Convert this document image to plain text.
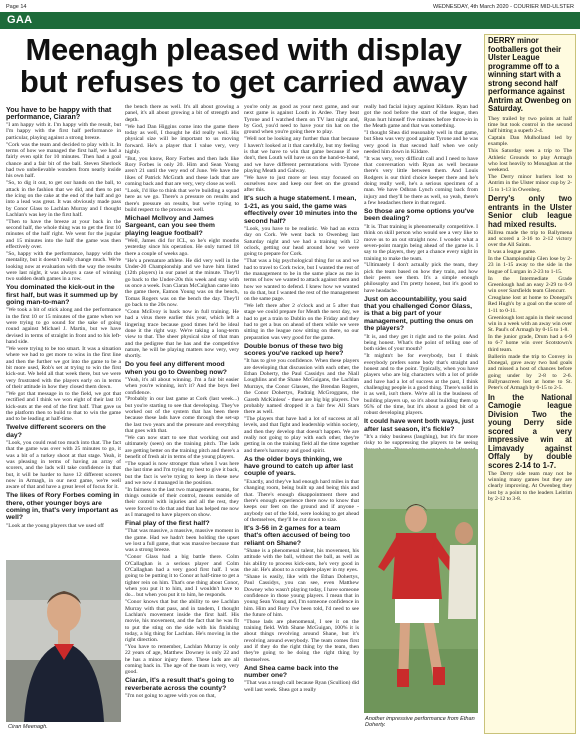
Page 14	WEDNESDAY, 4th March 2020 - COURIER MID-ULSTER
GAA
Meenagh pleased with display but refuses to get carried away

You have to be happy with that performance, Ciaran?

"I am happy with it. I'm happy with the result, but I'm happy with the first half performance in particular, playing against a strong breeze.

"Cork was the team and decided to play with it. In terms of how we managed the first half, we had a fairly even split for 10 minutes. Then had a goal chance and a fair bit of the ball. Steven Sherlock had two unbelievable wonders from nearly inside his own half.

"So, to dig it out, to get our hands on the ball, to attack in the fashion that we did, and then to put the icing on the cake at the end of the half and go into a lead was great. It was obviously made pass by Conor Glass to Lachlan Murray and I thought Lachlan's was key in the first half.

"Then to have the breeze at your back in the second half, the whole thing was to get the first 10 minutes of the half right. We went for the jugular and 15 minutes into the half the game was then effectively over.

"So, happy with the performance, happy with the mentality, but it doesn't really change much. We're looking now at evaluation with the way the results were last night, it was always a case of winning two sudden death games in a row.

You dominated the kick-out in the first half, but was it summed up by going man-to-man?

"We took a bit of stick along and the performance in the first 10 or 15 minutes of the game when we were trying to go sound for the sake of going round against Michael J. Martin, but we have devised in terms of straight in front and to his left-hand side.

"We were trying to be too smart. It was a situation where we had to get more to wins in the first line and then the further we got into the game to be a bit more used, Rob's set at trying to win the first kick-out. We held all that week there, but we were very frustrated with the players early on in terms of their attitude in how they closed them down.

"We got that message in to the field, we got that rectified and I think we won eight of their last 10 kick-outs at the end of the first half. That gave us the platform then to build to that to win the game and to be leading at half-time.

Twelve different scorers on the day?

"Look, you could read too much into that. The fact that the game was over with 25 minutes to go, it was a bit of a turkey shoot at that stage. Yeah, it was pleasing in terms of having an array of scorers, and the lads will take confidence in that but, it will be harder to have 12 different scorers now in Armagh, in our next game, we're well aware of that and have a great level of focus for it.

The likes of Rory Forbes coming in there, other younger boys are coming in, that's very important as well?

"Look at the young players that we used off

Ciran Meenagh.

the bench there as well. It's all about growing a panel, it's all about growing a bit of strength and depth.

"We had Dan Higgins come into the game there today as well, I thought he did really well. His physical size will be important to us moving forward. He's a player that I value very, very highly.

"But, you know, Rory Forbes and then lads like Rory Forbes is only 20. Him and Sean Young aren't 21 until the very end of June. We have the likes of Patrick McGrath and these lads that are coming back and that are very, very close as well.

"Look, I'd like to think that we're building a squad here as we go. There's a pressure on results and there's pressure on results, but we're trying to build respect to the process as well.

Michael McIlvoy and James Sargeant, can you see them playing league football?

"Well, James did for ICL, so he's eight months yesterday since his operation. He only turned 18 there a couple of weeks ago.

"He's a premature athlete. He did very well in the Under-20 Championship and we have him listed (12th players) in our panel at the minute. They'll go back to the Under-20s this week and stay with us once a week. Ivan Ciaran McCaighan came into the game there, Eamon Young was on the bench, Tomas Rogers was on the bench the day. They'll go back to the 20s now.

"Conn McEvoy is back now in full training. He had a virus there earlier this year, which left a lingering trace because good times he'd be ideal done it the right way. We're taking a long-term view to that. The sheer physical size of that man and the pedigree that he has and the competitive nature, he will be playing matters now very, very shortly.

Do you feel any different mood when you go to Owenbeg now?

"Yeah, it's all about winning. I'm a fair bit easier when you're winning, isn't it? And the boys feel confidence.

"Probably in our last game at Cork (last week...) but you're starting to see that developing. They've worked out of the system that has been there because these lads have come through the set-up the last two years and the pressure and everything that goes with that.

"We can now start to see that working out and ultimately (seen) on the training pitch. The lads are getting better on the training pitch and there's a benefit of fresh air in terms of the young players.

"The squad is now stronger than when I was here the last time and I'm trying my best to give it back, but the fact is we're trying to keep in these new and we now 4 managed in the position.

"In fairness to the last two management teams, for things outside of their control, means outside of their control with injuries and all the rest, they were forced to do that and that has helped me now as I managed to have players on show.

Final play of the first half?

"That was massive, a massive, massive moment in the game. Had we hadn't been holding the upset we lost a full game, that was massive because that was a strong breeze.

"Conor Glass had a big battle there. Colm O'Callaghan is a serious player and Colm O'Callaghan had a very good first half. I was going to be putting it to Conor at half-time to get a tighter rein on him. That's one thing about Conor, when you put it to him, and I wouldn't have to do... but when you put it to him, he responds.

"Conor knows that but the ability to see Lachlan Murray with that pass, and in tandem, I thought Lachlan's movement inside the first half. His movie, his movement, and the fact that he was fit to put the sting on the side with his finishing today, a big thing for Lachlan. He's moving in the right direction.

"You have to remember, Lachlan Murray is only 22 years of age, Matthew Downey is only 22 and he has a minor injury there. These lads are all coming back in. The age of the team is very, very good.

Ciarán, it's a result that's going to reverberate across the county?

"I'm not going to agree with you on that,

you're only as good as your next game, and our next game is against Louth in Ardee. They beat Tyrone and I watched them on TV last night and, by God, you'd need to have your tin hat on the ground when you're going there to play.

"Well not be looking any further than that because I haven't looked at it that carefully, but my feeling is that we have to win that game because if we don't, then Louth will have us on the hand-to-hand, and we have different permutations with Tyrone playing Meath and Galway.

"We have to just more or less stay focused on ourselves now and keep our feet on the ground after this.

It's such a huge statement. I mean, 1-21, as you said, the game was effectively over 10 minutes into the second half?

"Look, you have to be realistic. We had an extra day on Cork. We went back to Owenbeg last Saturday night and we had a training with 12 oclock, getting our head around how we were going to prepare for Cork.

"That was a big psychological thing for us and we had to travel to Cork twice, but I wanted the rest of the management to be in the same place as me in terms of how we wanted to attack against them and how we wanted to defend. I knew how we wanted to do that, but I wanted the rest of the management on the same page.

"We left there after 2 o'clock and at 5 after that stage we could prepare for Meath the next day, we had to get a train to Dublin on the Friday and they had to get a bus on ahead of them while we were sitting in the league now sitting on there, so our preparation was very good for the game.

Double bonus of these two big scores you've racked up here?

"It has to give you confidence. When these players are developing that discussion with each other, the Ethan Doherty, the Paul Cassidys and the Niall Loughlins and the Shane McGuigans, the Lachlan Murrays, the Conor Glasses, the Brendan Rogers, the Conor Dohertys, Padraig McGroggans, the Gareth McKinless' - these are big big players. I've probably named dropped it a fair few All Stars there as well.

"The players that have had a lot of success at all levels, and that fight and leadership within society, and then they develop that doesn't happen. We are really not going to play with each other, they're getting in on the training field all the time together and there's harmony and good spirit.

As the older boys thinking, we have ground to catch up after last couple of years.

"Exactly, and they've had enough hard miles in that changing room, being built up and being this and that. There's enough disappointment there and there's enough experience there now to know that keeps our feet on the ground and if anyone - anybody out of the fold, were looking to get ahead of themselves, they'll be cut down to size.

It's 3-56 in 2 games for a team that's often accused of being too reliant on Shane?

"Shane is a phenomenal talent, his movement, his attitude with the ball, without the ball, as well as his ability to process kick-outs, he's very good in the air. He's about to a complete player in my eyes.

"Shane is easily, like with the Ethan Dohertys, Paul Cassidys, you can see, even Matthew Downey who wasn't playing today, I have someone confidence in those young players. I mean that in young Sean Young and, I'm someone confidence in him. Him and Rory I've been told, I'd need to see the future of him.

"Those lads are phenomenal, I see it on the training field. With Shane McGuigan, 100% it is about things revolving around Shane, but it's revolving around everybody. The team comes first and if they do the right thing by the team, then they're going to be doing the right thing by themselves.

And Shea came back into the number one?

"That was a tough call because Ryan (Scullion) did well last week. Shea got a really

really bad facial injury against Kildare. Ryan had got the nod before the start of the league, then Ryan hurt himself five minutes before throw-in in the Meath game and that was something.

"I thought Shea did reasonably well in that game, but Shea was very good against Tyrone and he was very good in that second half when we only needed him down in Kildare.

"It was very, very difficult call and I need to have that conversation with Ryan as well because there's very little between them. And Louis Rodgers is our third choice keeper there and he's doing really well, he's a serious specimen of a man. We have Odhran Lynch coming back from injury and they'll be there as well, so yeah, there's a few headaches there in that regard.

So those are some options you've been dealing?

"It is. That training is phenomenally competitive. I think on skill person who would see a very like to move us to an out straight now. I wonder what a seven-point margin being ahead of the game is. I say to the players, they get a chance every night in training to make the team.

"Ultimately I don't actually pick the team, they pick the team based on how they train, and how their peers see them. It's a simple enough philosophy and I'm pretty honest, but it's good to have headache.

Just on accountability, you said that you challenged Conor Glass, is that a big part of your management, putting the onus on the players?

"It is, and they get it right and to the point. And being honest. What's the point of telling one of both sides of your mouth?

"It mightn't be for everybody, but I think everybody prefers some body that's straight and honest and to the point. Typically, when you have players who are big characters with a lot of pride and have had a lot of success at the past, I think challenging people is a good thing. There's solid in it as well, isn't there. We're all in the business of building players up, so it's about building them up 95% of the time, but it's about a good bit of a robust developing players.

It could have went both ways, just after last season, it's fickle?

"It's a risky business (laughing), but it's far more risky to be suppressing the players to be seeing

Another impressive performance from Ethan Doherty.

DERRY minor footballers got their Ulster League programme off to a winning start with a strong second half performance against Antrim at Owenbeg on Saturday.

They trailed by two points at half time but took control in the second half hitting a superb 2-4.

Captain Dan Mulholland led by example.

This Saturday sees a trip to The Athletic Grounds to play Armagh who lost heavily to Monaghan at the weekend.

The Derry minor hurlers lost to Antrim in the Ulster minor cup by 2-15 to 1-13 in Owenbeg.

Derry's only two entrants in the Ulster Senior club league had mixed results.

Killrea made the trip to Ballymena and scored a 3-16 to 2-12 victory over the All Saints.

It was a league game.

In the Championship Glen lose by 2-23 in 1-15 away to the side in the league of Lurgan in 2-23 to 1-15.

In the Intermediate Grade Greenlough had an easy 2-29 to 0-9 win over Sarsfields team Glencurr.

Creaglane lost at home to Donegal's Red Hugh's by a goal on the score of 1-11 to 0-11.

Greenlough lost again in their second win in a week with an away win over St. Paul's of Armagh by 0-15 to 1-8.

In the junior grade, Drum had a 6-9 to 6-7 home win over Scotstown's third team.

Ballerin made the trip to Convey in Donegal, gave away two bad goals and missed a host of chances before going under by 2-8 to 2-6. Ballynascreen lost at home to St. Peter's of Armagh by 0-15 to 2-5.

In the National Camogie league Division Two the young Derry side scored a very impressive win at Limavady against Offaly by double scores 2-14 to 1-7.

The Derry side team may not be winning many games but they are clearly improving. At Owenbeg they lost by a point to the leaders Leitrim by 2-12 to 3-8.
